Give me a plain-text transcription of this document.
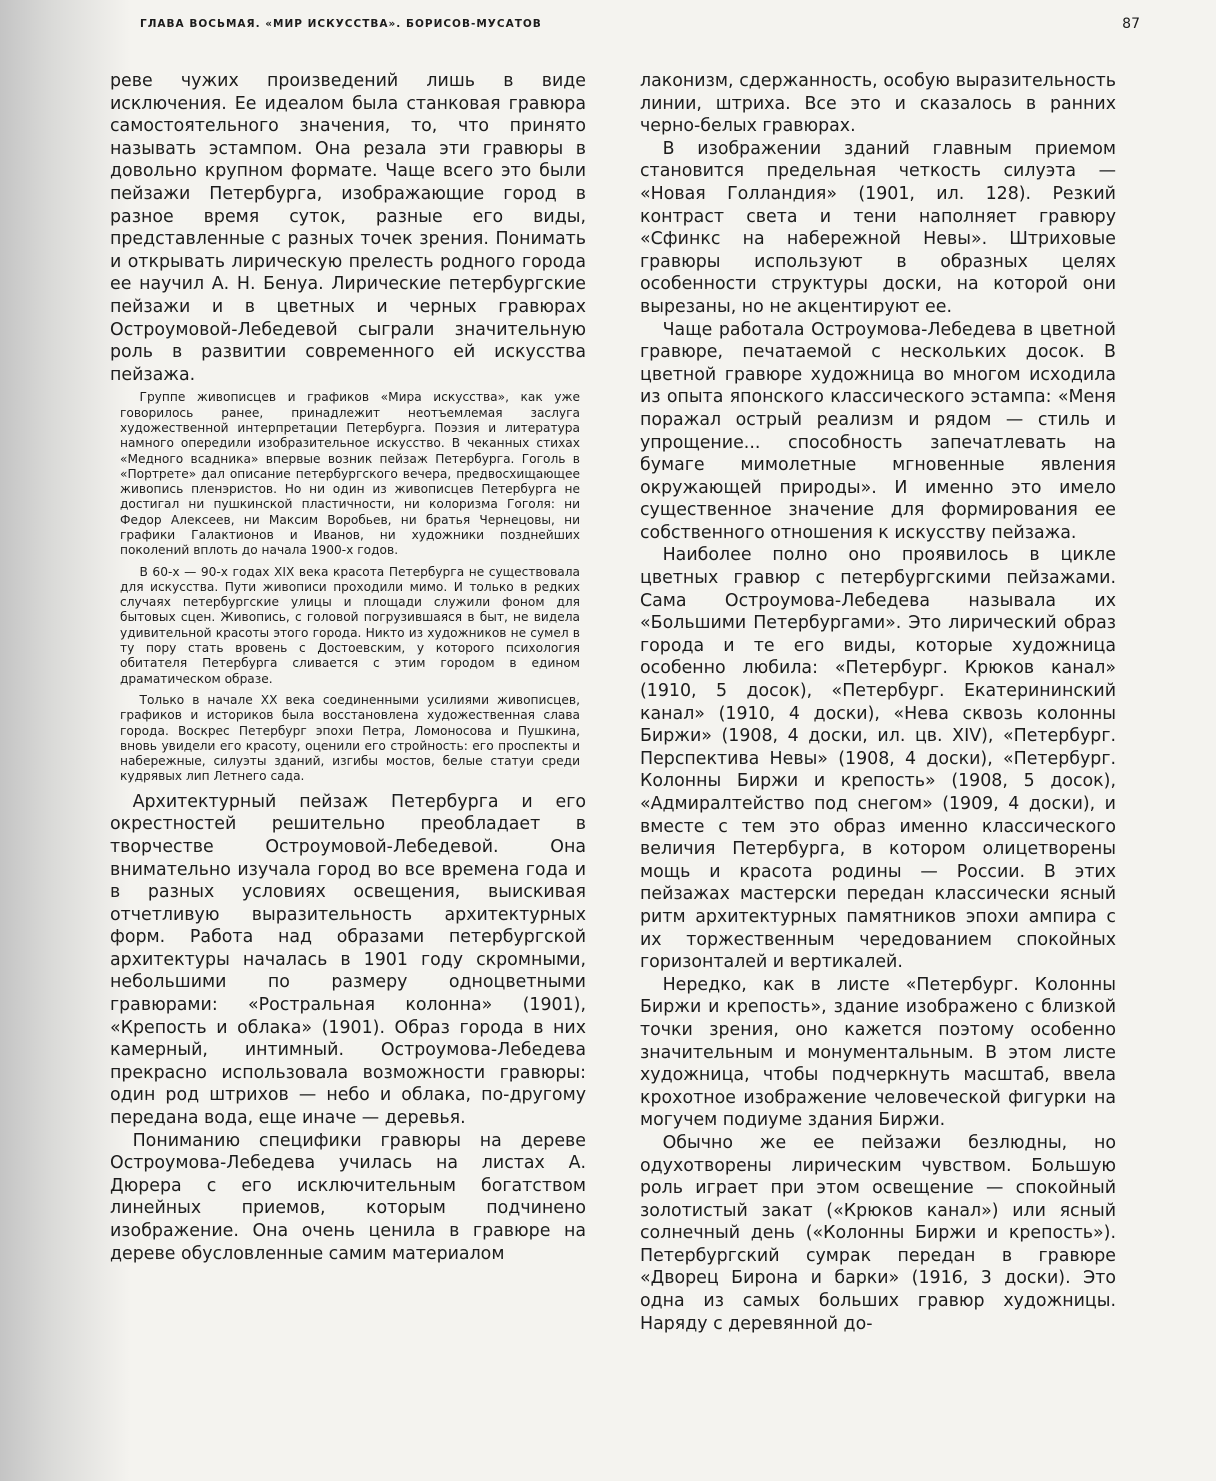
ГЛАВА ВОСЬМАЯ. «МИР ИСКУССТВА». БОРИСОВ-МУСАТОВ	87

реве чужих произведений лишь в виде исключения. Ее идеалом была станковая гравюра самостоятельного значения, то, что принято называть эстампом. Она резала эти гравюры в довольно крупном формате. Чаще всего это были пейзажи Петербурга, изображающие город в разное время суток, разные его виды, представленные с разных точек зрения. Понимать и открывать лирическую прелесть родного города ее научил А. Н. Бенуа. Лирические петербургские пейзажи и в цветных и черных гравюрах Остроумовой-Лебедевой сыграли значительную роль в развитии современного ей искусства пейзажа.

Группе живописцев и графиков «Мира искусства», как уже говорилось ранее, принадлежит неотъемлемая заслуга художественной интерпретации Петербурга. Поэзия и литература намного опередили изобразительное искусство. В чеканных стихах «Медного всадника» впервые возник пейзаж Петербурга. Гоголь в «Портрете» дал описание петербургского вечера, предвосхищающее живопись пленэристов. Но ни один из живописцев Петербурга не достигал ни пушкинской пластичности, ни колоризма Гоголя: ни Федор Алексеев, ни Максим Воробьев, ни братья Чернецовы, ни графики Галактионов и Иванов, ни художники позднейших поколений вплоть до начала 1900-х годов.

В 60-х — 90-х годах XIX века красота Петербурга не существовала для искусства. Пути живописи проходили мимо. И только в редких случаях петербургские улицы и площади служили фоном для бытовых сцен. Живопись, с головой погрузившаяся в быт, не видела удивительной красоты этого города. Никто из художников не сумел в ту пору стать вровень с Достоевским, у которого психология обитателя Петербурга сливается с этим городом в едином драматическом образе.

Только в начале XX века соединенными усилиями живописцев, графиков и историков была восстановлена художественная слава города. Воскрес Петербург эпохи Петра, Ломоносова и Пушкина, вновь увидели его красоту, оценили его стройность: его проспекты и набережные, силуэты зданий, изгибы мостов, белые статуи среди кудрявых лип Летнего сада.

Архитектурный пейзаж Петербурга и его окрестностей решительно преобладает в творчестве Остроумовой-Лебедевой. Она внимательно изучала город во все времена года и в разных условиях освещения, выискивая отчетливую выразительность архитектурных форм. Работа над образами петербургской архитектуры началась в 1901 году скромными, небольшими по размеру одноцветными гравюрами: «Ростральная колонна» (1901), «Крепость и облака» (1901). Образ города в них камерный, интимный. Остроумова-Лебедева прекрасно использовала возможности гравюры: один род штрихов — небо и облака, по-другому передана вода, еще иначе — деревья.

Пониманию специфики гравюры на дереве Остроумова-Лебедева училась на листах А. Дюрера с его исключительным богатством линейных приемов, которым подчинено изображение. Она очень ценила в гравюре на дереве обусловленные самим материалом

лаконизм, сдержанность, особую выразительность линии, штриха. Все это и сказалось в ранних черно-белых гравюрах.

В изображении зданий главным приемом становится предельная четкость силуэта — «Новая Голландия» (1901, ил. 128). Резкий контраст света и тени наполняет гравюру «Сфинкс на набережной Невы». Штриховые гравюры используют в образных целях особенности структуры доски, на которой они вырезаны, но не акцентируют ее.

Чаще работала Остроумова-Лебедева в цветной гравюре, печатаемой с нескольких досок. В цветной гравюре художница во многом исходила из опыта японского классического эстампа: «Меня поражал острый реализм и рядом — стиль и упрощение... способность запечатлевать на бумаге мимолетные мгновенные явления окружающей природы». И именно это имело существенное значение для формирования ее собственного отношения к искусству пейзажа.

Наиболее полно оно проявилось в цикле цветных гравюр с петербургскими пейзажами. Сама Остроумова-Лебедева называла их «Большими Петербургами». Это лирический образ города и те его виды, которые художница особенно любила: «Петербург. Крюков канал» (1910, 5 досок), «Петербург. Екатерининский канал» (1910, 4 доски), «Нева сквозь колонны Биржи» (1908, 4 доски, ил. цв. XIV), «Петербург. Перспектива Невы» (1908, 4 доски), «Петербург. Колонны Биржи и крепость» (1908, 5 досок), «Адмиралтейство под снегом» (1909, 4 доски), и вместе с тем это образ именно классического величия Петербурга, в котором олицетворены мощь и красота родины — России. В этих пейзажах мастерски передан классически ясный ритм архитектурных памятников эпохи ампира с их торжественным чередованием спокойных горизонталей и вертикалей.

Нередко, как в листе «Петербург. Колонны Биржи и крепость», здание изображено с близкой точки зрения, оно кажется поэтому особенно значительным и монументальным. В этом листе художница, чтобы подчеркнуть масштаб, ввела крохотное изображение человеческой фигурки на могучем подиуме здания Биржи.

Обычно же ее пейзажи безлюдны, но одухотворены лирическим чувством. Большую роль играет при этом освещение — спокойный золотистый закат («Крюков канал») или ясный солнечный день («Колонны Биржи и крепость»). Петербургский сумрак передан в гравюре «Дворец Бирона и барки» (1916, 3 доски). Это одна из самых больших гравюр художницы. Наряду с деревянной до-
